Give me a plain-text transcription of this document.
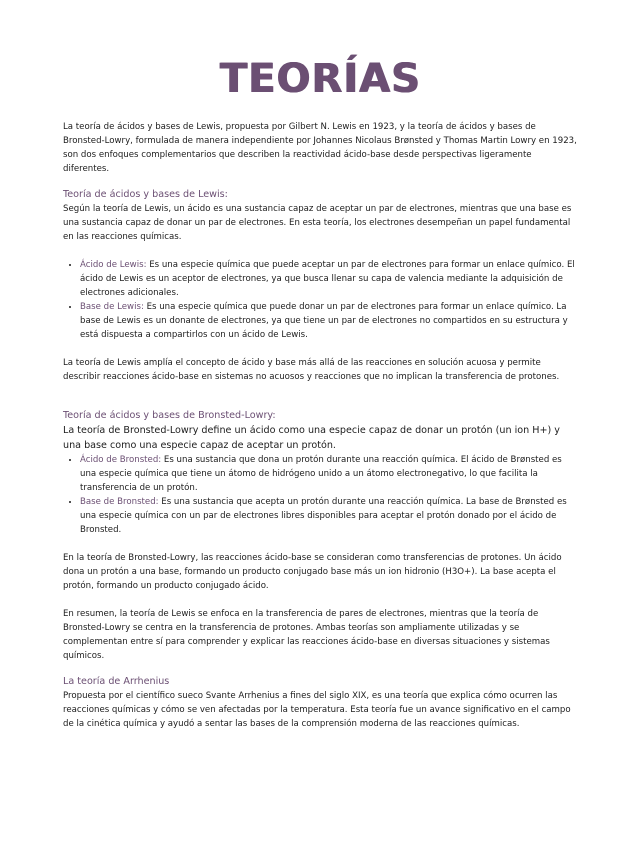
TEORÍAS

La teoría de ácidos y bases de Lewis, propuesta por Gilbert N. Lewis en 1923, y la teoría de ácidos y bases de Bronsted-Lowry, formulada de manera independiente por Johannes Nicolaus Brønsted y Thomas Martin Lowry en 1923, son dos enfoques complementarios que describen la reactividad ácido-base desde perspectivas ligeramente diferentes.

Teoría de ácidos y bases de Lewis:

Según la teoría de Lewis, un ácido es una sustancia capaz de aceptar un par de electrones, mientras que una base es una sustancia capaz de donar un par de electrones. En esta teoría, los electrones desempeñan un papel fundamental en las reacciones químicas.

• Ácido de Lewis: Es una especie química que puede aceptar un par de electrones para formar un enlace químico. El ácido de Lewis es un aceptor de electrones, ya que busca llenar su capa de valencia mediante la adquisición de electrones adicionales.
• Base de Lewis: Es una especie química que puede donar un par de electrones para formar un enlace químico. La base de Lewis es un donante de electrones, ya que tiene un par de electrones no compartidos en su estructura y está dispuesta a compartirlos con un ácido de Lewis.

La teoría de Lewis amplía el concepto de ácido y base más allá de las reacciones en solución acuosa y permite describir reacciones ácido-base en sistemas no acuosos y reacciones que no implican la transferencia de protones.

Teoría de ácidos y bases de Bronsted-Lowry:

La teoría de Bronsted-Lowry define un ácido como una especie capaz de donar un protón (un ion H+) y una base como una especie capaz de aceptar un protón.

• Ácido de Bronsted: Es una sustancia que dona un protón durante una reacción química. El ácido de Brønsted es una especie química que tiene un átomo de hidrógeno unido a un átomo electronegativo, lo que facilita la transferencia de un protón.
• Base de Bronsted: Es una sustancia que acepta un protón durante una reacción química. La base de Brønsted es una especie química con un par de electrones libres disponibles para aceptar el protón donado por el ácido de Bronsted.

En la teoría de Bronsted-Lowry, las reacciones ácido-base se consideran como transferencias de protones. Un ácido dona un protón a una base, formando un producto conjugado base más un ion hidronio (H3O+). La base acepta el protón, formando un producto conjugado ácido.

En resumen, la teoría de Lewis se enfoca en la transferencia de pares de electrones, mientras que la teoría de Bronsted-Lowry se centra en la transferencia de protones. Ambas teorías son ampliamente utilizadas y se complementan entre sí para comprender y explicar las reacciones ácido-base en diversas situaciones y sistemas químicos.

La teoría de Arrhenius

Propuesta por el científico sueco Svante Arrhenius a fines del siglo XIX, es una teoría que explica cómo ocurren las reacciones químicas y cómo se ven afectadas por la temperatura. Esta teoría fue un avance significativo en el campo de la cinética química y ayudó a sentar las bases de la comprensión moderna de las reacciones químicas.
